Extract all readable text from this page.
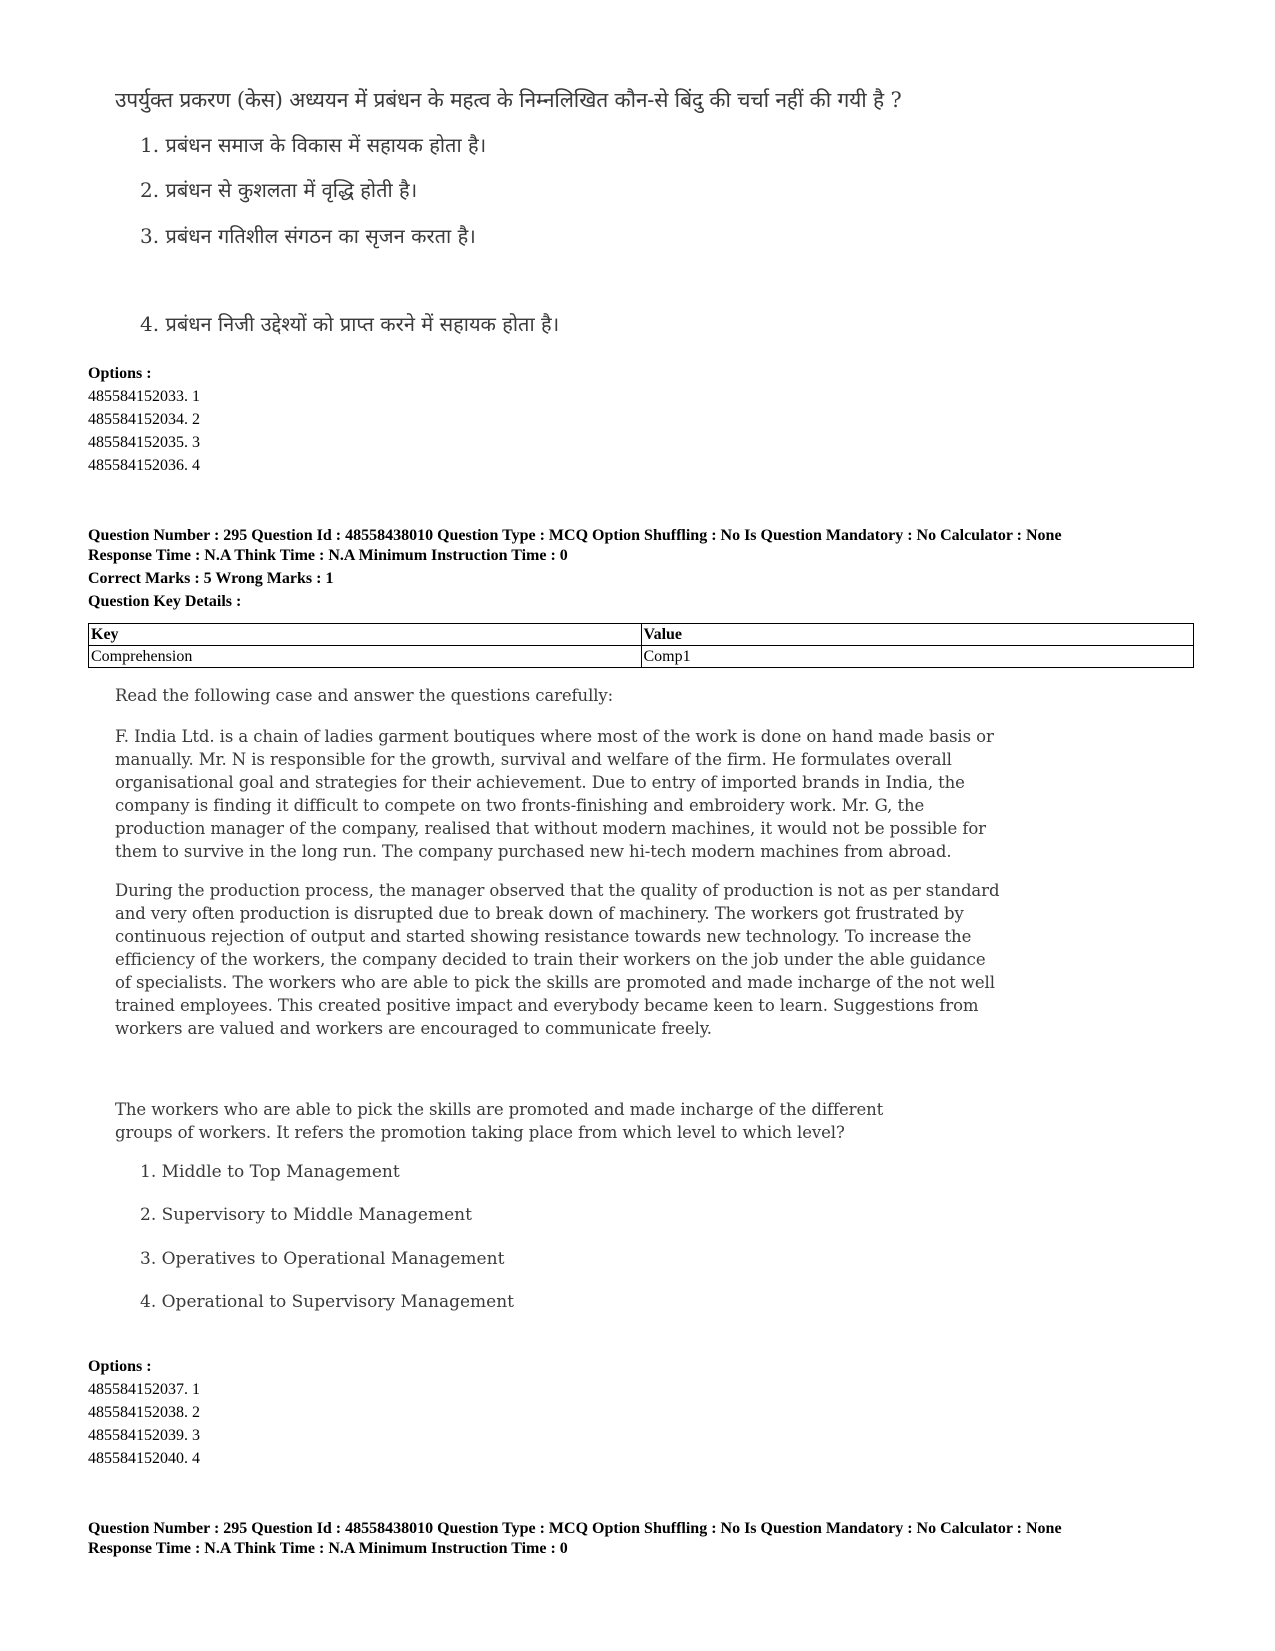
उपर्युक्त प्रकरण (केस) अध्ययन में प्रबंधन के महत्व के निम्नलिखित कौन-से बिंदु की चर्चा नहीं की गयी है ?
1. प्रबंधन समाज के विकास में सहायक होता है।
2. प्रबंधन से कुशलता में वृद्धि होती है।
3. प्रबंधन गतिशील संगठन का सृजन करता है।
4. प्रबंधन निजी उद्देश्यों को प्राप्त करने में सहायक होता है।
Options :
485584152033. 1
485584152034. 2
485584152035. 3
485584152036. 4
Question Number : 295 Question Id : 48558438010 Question Type : MCQ Option Shuffling : No Is Question Mandatory : No Calculator : None
Response Time : N.A Think Time : N.A Minimum Instruction Time : 0
Correct Marks : 5 Wrong Marks : 1
Question Key Details :
Key	Value
Comprehension	Comp1
Read the following case and answer the questions carefully:

F. India Ltd. is a chain of ladies garment boutiques where most of the work is done on hand made basis or manually. Mr. N is responsible for the growth, survival and welfare of the firm. He formulates overall organisational goal and strategies for their achievement. Due to entry of imported brands in India, the company is finding it difficult to compete on two fronts-finishing and embroidery work. Mr. G, the production manager of the company, realised that without modern machines, it would not be possible for them to survive in the long run. The company purchased new hi-tech modern machines from abroad.

During the production process, the manager observed that the quality of production is not as per standard and very often production is disrupted due to break down of machinery. The workers got frustrated by continuous rejection of output and started showing resistance towards new technology. To increase the efficiency of the workers, the company decided to train their workers on the job under the able guidance of specialists. The workers who are able to pick the skills are promoted and made incharge of the not well trained employees. This created positive impact and everybody became keen to learn. Suggestions from workers are valued and workers are encouraged to communicate freely.

The workers who are able to pick the skills are promoted and made incharge of the different groups of workers. It refers the promotion taking place from which level to which level?
1. Middle to Top Management
2. Supervisory to Middle Management
3. Operatives to Operational Management
4. Operational to Supervisory Management
Options :
485584152037. 1
485584152038. 2
485584152039. 3
485584152040. 4
Question Number : 295 Question Id : 48558438010 Question Type : MCQ Option Shuffling : No Is Question Mandatory : No Calculator : None
Response Time : N.A Think Time : N.A Minimum Instruction Time : 0
